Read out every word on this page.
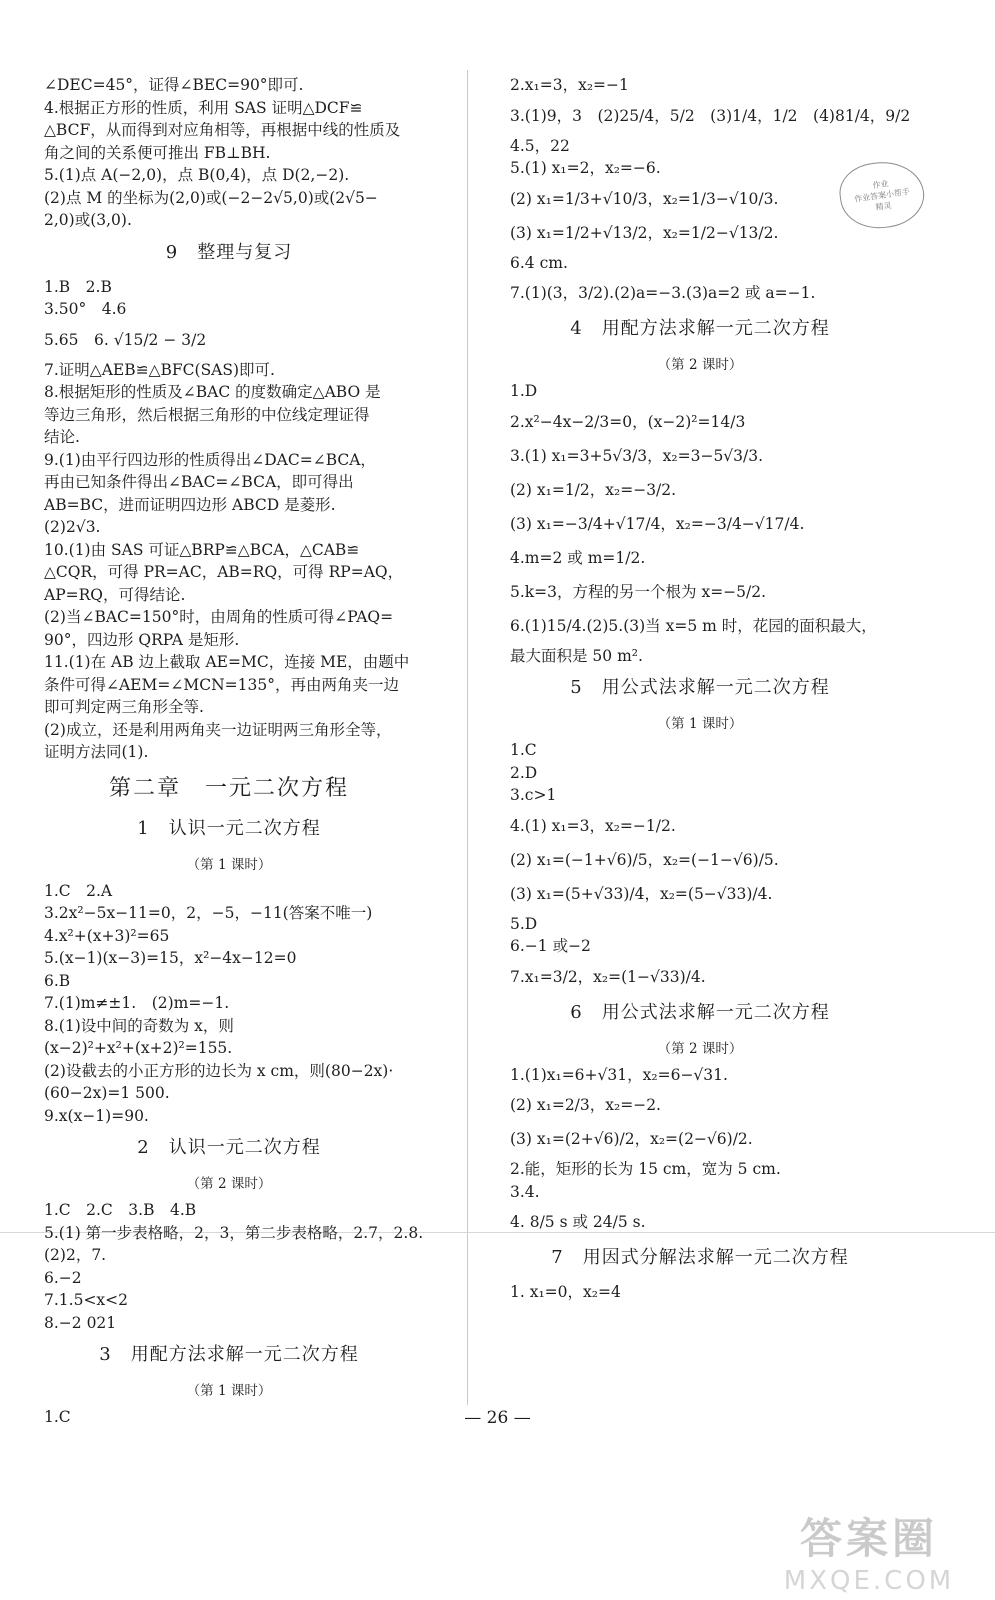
∠DEC=45°，证得∠BEC=90°即可.
4.根据正方形的性质，利用 SAS 证明△DCF≌
△BCF，从而得到对应角相等，再根据中线的性质及
角之间的关系便可推出 FB⊥BH.
5.(1)点 A(−2,0)，点 B(0,4)，点 D(2,−2).
(2)点 M 的坐标为(2,0)或(−2−2√5,0)或(2√5−
2,0)或(3,0).
9　整理与复习
1.B　2.B
3.50°　4.6
5.65　6. √15/2 − 3/2
7.证明△AEB≌△BFC(SAS)即可.
8.根据矩形的性质及∠BAC 的度数确定△ABO 是
等边三角形，然后根据三角形的中位线定理证得
结论.
9.(1)由平行四边形的性质得出∠DAC=∠BCA，
再由已知条件得出∠BAC=∠BCA，即可得出
AB=BC，进而证明四边形 ABCD 是菱形.
(2)2√3.
10.(1)由 SAS 可证△BRP≌△BCA，△CAB≌
△CQR，可得 PR=AC，AB=RQ，可得 RP=AQ，
AP=RQ，可得结论.
(2)当∠BAC=150°时，由周角的性质可得∠PAQ=
90°，四边形 QRPA 是矩形.
11.(1)在 AB 边上截取 AE=MC，连接 ME，由题中
条件可得∠AEM=∠MCN=135°，再由两角夹一边
即可判定两三角形全等.
(2)成立，还是利用两角夹一边证明两三角形全等，
证明方法同(1).
第二章　一元二次方程
1　认识一元二次方程
（第 1 课时）
1.C　2.A
3.2x²−5x−11=0，2，−5，−11(答案不唯一)
4.x²+(x+3)²=65
5.(x−1)(x−3)=15，x²−4x−12=0
6.B
7.(1)m≠±1.　(2)m=−1.
8.(1)设中间的奇数为 x，则
(x−2)²+x²+(x+2)²=155.
(2)设截去的小正方形的边长为 x cm，则(80−2x)·
(60−2x)=1 500.
9.x(x−1)=90.
2　认识一元二次方程
（第 2 课时）
1.C　2.C　3.B　4.B
5.(1) 第一步表格略，2，3，第二步表格略，2.7，2.8.
(2)2，7.
6.−2
7.1.5<x<2
8.−2 021
3　用配方法求解一元二次方程
（第 1 课时）
1.C
2.x₁=3，x₂=−1
3.(1)9，3　(2)25/4，5/2　(3)1/4，1/2　(4)81/4，9/2
4.5，22
5.(1) x₁=2，x₂=−6.
(2) x₁=1/3+√10/3，x₂=1/3−√10/3.
(3) x₁=1/2+√13/2，x₂=1/2−√13/2.
6.4 cm.
7.(1)(3，3/2).(2)a=−3.(3)a=2 或 a=−1.
4　用配方法求解一元二次方程
（第 2 课时）
1.D
2.x²−4x−2/3=0，(x−2)²=14/3
3.(1) x₁=3+5√3/3，x₂=3−5√3/3.
(2) x₁=1/2，x₂=−3/2.
(3) x₁=−3/4+√17/4，x₂=−3/4−√17/4.
4.m=2 或 m=1/2.
5.k=3，方程的另一个根为 x=−5/2.
6.(1)15/4.(2)5.(3)当 x=5 m 时，花园的面积最大，
最大面积是 50 m².
5　用公式法求解一元二次方程
（第 1 课时）
1.C
2.D
3.c>1
4.(1) x₁=3，x₂=−1/2.
(2) x₁=(−1+√6)/5，x₂=(−1−√6)/5.
(3) x₁=(5+√33)/4，x₂=(5−√33)/4.
5.D
6.−1 或−2
7.x₁=3/2，x₂=(1−√33)/4.
6　用公式法求解一元二次方程
（第 2 课时）
1.(1)x₁=6+√31，x₂=6−√31.
(2) x₁=2/3，x₂=−2.
(3) x₁=(2+√6)/2，x₂=(2−√6)/2.
2.能，矩形的长为 15 cm，宽为 5 cm.
3.4.
4. 8/5 s 或 24/5 s.
7　用因式分解法求解一元二次方程
1. x₁=0，x₂=4
作业
作业答案小帮手
精灵
— 26 —
答案圈
MXQE.COM
